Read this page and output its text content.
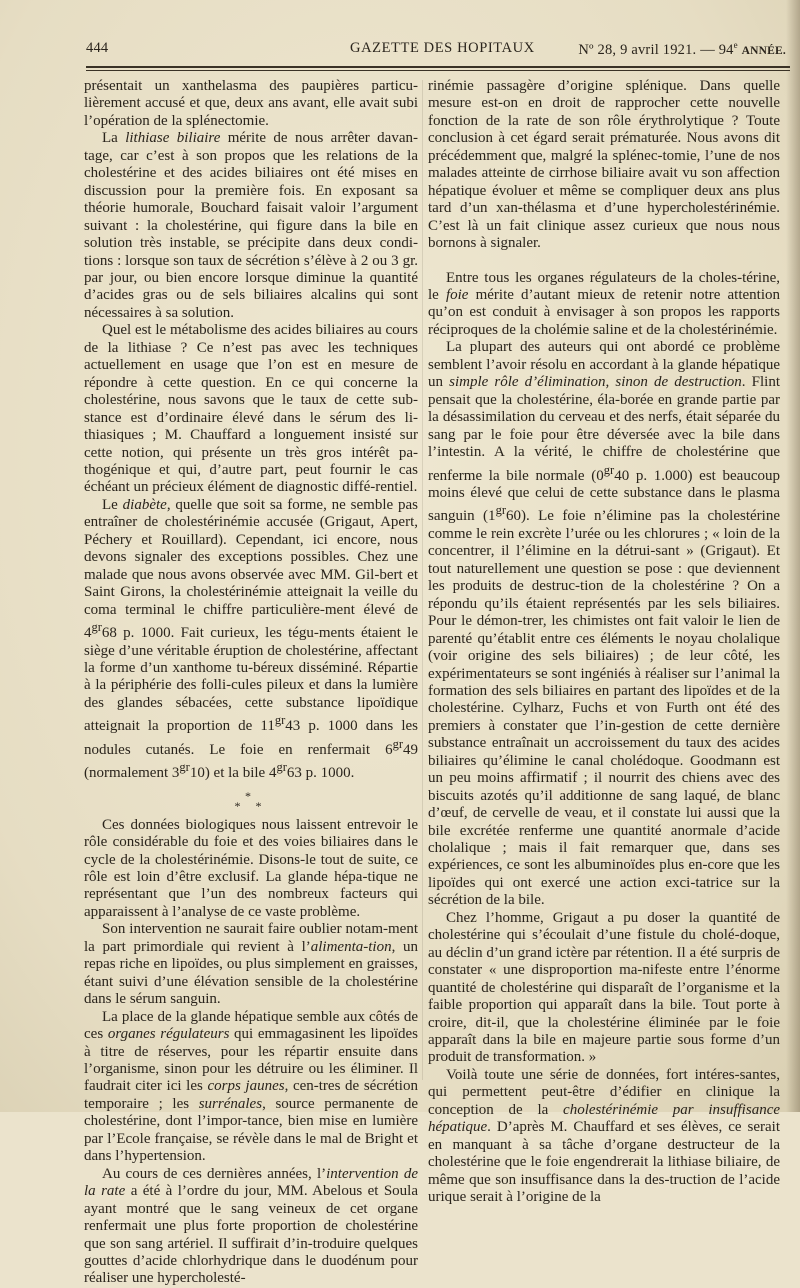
444	GAZETTE DES HOPITAUX	Nº 28, 9 avril 1921. — 94e ANNÉE.

présentait un xanthelasma des paupières particu-lièrement accusé et que, deux ans avant, elle avait subi l’opération de la splénectomie.

La lithiase biliaire mérite de nous arrêter davan-tage, car c’est à son propos que les relations de la cholestérine et des acides biliaires ont été mises en discussion pour la première fois. En exposant sa théorie humorale, Bouchard faisait valoir l’argument suivant : la cholestérine, qui figure dans la bile en solution très instable, se précipite dans deux condi-tions : lorsque son taux de sécrétion s’élève à 2 ou 3 gr. par jour, ou bien encore lorsque diminue la quantité d’acides gras ou de sels biliaires alcalins qui sont nécessaires à sa solution.

Quel est le métabolisme des acides biliaires au cours de la lithiase ? Ce n’est pas avec les techniques actuellement en usage que l’on est en mesure de répondre à cette question. En ce qui concerne la cholestérine, nous savons que le taux de cette sub-stance est d’ordinaire élevé dans le sérum des li-thiasiques ; M. Chauffard a longuement insisté sur cette notion, qui présente un très gros intérêt pa-thogénique et qui, d’autre part, peut fournir le cas échéant un précieux élément de diagnostic diffé-rentiel.

Le diabète, quelle que soit sa forme, ne semble pas entraîner de cholestérinémie accusée (Grigaut, Apert, Péchery et Rouillard). Cependant, ici encore, nous devons signaler des exceptions possibles. Chez une malade que nous avons observée avec MM. Gil-bert et Saint Girons, la cholestérinémie atteignait la veille du coma terminal le chiffre particulière-ment élevé de $4^{gr}68$ p. 1000. Fait curieux, les tégu-ments étaient le siège d’une véritable éruption de cholestérine, affectant la forme d’un xanthome tu-béreux disséminé. Répartie à la périphérie des folli-cules pileux et dans la lumière des glandes sébacées, cette substance lipoïdique atteignait la proportion de $11^{gr}43$ p. 1000 dans les nodules cutanés. Le foie en renfermait $6^{gr}49$ (normalement $3^{gr}10$) et la bile $4^{gr}63$ p. 1000.

*
* *

Ces données biologiques nous laissent entrevoir le rôle considérable du foie et des voies biliaires dans le cycle de la cholestérinémie. Disons-le tout de suite, ce rôle est loin d’être exclusif. La glande hépa-tique ne représentant que l’un des nombreux facteurs qui apparaissent à l’analyse de ce vaste problème.

Son intervention ne saurait faire oublier notam-ment la part primordiale qui revient à l’alimenta-tion, un repas riche en lipoïdes, ou plus simplement en graisses, étant suivi d’une élévation sensible de la cholestérine dans le sérum sanguin.

La place de la glande hépatique semble aux côtés de ces organes régulateurs qui emmagasinent les lipoïdes à titre de réserves, pour les répartir ensuite dans l’organisme, sinon pour les détruire ou les éliminer. Il faudrait citer ici les corps jaunes, cen-tres de sécrétion temporaire ; les surrénales, source permanente de cholestérine, dont l’impor-tance, bien mise en lumière par l’Ecole française, se révèle dans le mal de Bright et dans l’hypertension.

Au cours de ces dernières années, l’intervention de la rate a été à l’ordre du jour, MM. Abelous et Soula ayant montré que le sang veineux de cet organe renfermait une plus forte proportion de cholestérine que son sang artériel. Il suffirait d’in-troduire quelques gouttes d’acide chlorhydrique dans le duodénum pour réaliser une hypercholesté-

rinémie passagère d’origine splénique. Dans quelle mesure est-on en droit de rapprocher cette nouvelle fonction de la rate de son rôle érythrolytique ? Toute conclusion à cet égard serait prématurée. Nous avons dit précédemment que, malgré la splénec-tomie, l’une de nos malades atteinte de cirrhose biliaire avait vu son affection hépatique évoluer et même se compliquer deux ans plus tard d’un xan-thélasma et d’une hypercholestérinémie. C’est là un fait clinique assez curieux que nous nous bornons à signaler.

Entre tous les organes régulateurs de la choles-térine, le foie mérite d’autant mieux de retenir notre attention qu’on est conduit à envisager à son propos les rapports réciproques de la cholémie saline et de la cholestérinémie.

La plupart des auteurs qui ont abordé ce problème semblent l’avoir résolu en accordant à la glande hépatique un simple rôle d’élimination, sinon de destruction. Flint pensait que la cholestérine, éla-borée en grande partie par la désassimilation du cerveau et des nerfs, était séparée du sang par le foie pour être déversée avec la bile dans l’intestin. A la vérité, le chiffre de cholestérine que renferme la bile normale ($0^{gr}40$ p. 1.000) est beaucoup moins élevé que celui de cette substance dans le plasma sanguin $(1^{gr}60)$. Le foie n’élimine pas la cholestérine comme le rein excrète l’urée ou les chlorures ; « loin de la concentrer, il l’élimine en la détrui-sant » (Grigaut). Et tout naturellement une question se pose : que deviennent les produits de destruc-tion de la cholestérine ? On a répondu qu’ils étaient représentés par les sels biliaires. Pour le démon-trer, les chimistes ont fait valoir le lien de parenté qu’établit entre ces éléments le noyau cholalique (voir origine des sels biliaires) ; de leur côté, les expérimentateurs se sont ingéniés à réaliser sur l’animal la formation des sels biliaires en partant des lipoïdes et de la cholestérine. Cylharz, Fuchs et von Furth ont été des premiers à constater que l’in-gestion de cette dernière substance entraînait un accroissement du taux des acides biliaires qu’élimine le canal cholédoque. Goodmann est un peu moins affirmatif ; il nourrit des chiens avec des biscuits azotés qu’il additionne de sang laqué, de blanc d’œuf, de cervelle de veau, et il constate lui aussi que la bile excrétée renferme une quantité anormale d’acide cholalique ; mais il fait remarquer que, dans ses expériences, ce sont les albuminoïdes plus en-core que les lipoïdes qui ont exercé une action exci-tatrice sur la sécrétion de la bile.

Chez l’homme, Grigaut a pu doser la quantité de cholestérine qui s’écoulait d’une fistule du cholé-doque, au déclin d’un grand ictère par rétention. Il a été surpris de constater « une disproportion ma-nifeste entre l’énorme quantité de cholestérine qui disparaît de l’organisme et la faible proportion qui apparaît dans la bile. Tout porte à croire, dit-il, que la cholestérine éliminée par le foie apparaît dans la bile en majeure partie sous forme d’un produit de transformation. »

Voilà toute une série de données, fort intéres-santes, qui permettent peut-être d’édifier en clinique la conception de la cholestérinémie par insuffisance hépatique. D’après M. Chauffard et ses élèves, ce serait en manquant à sa tâche d’organe destructeur de la cholestérine que le foie engendrerait la lithiase biliaire, de même que son insuffisance dans la des-truction de l’acide urique serait à l’origine de la
